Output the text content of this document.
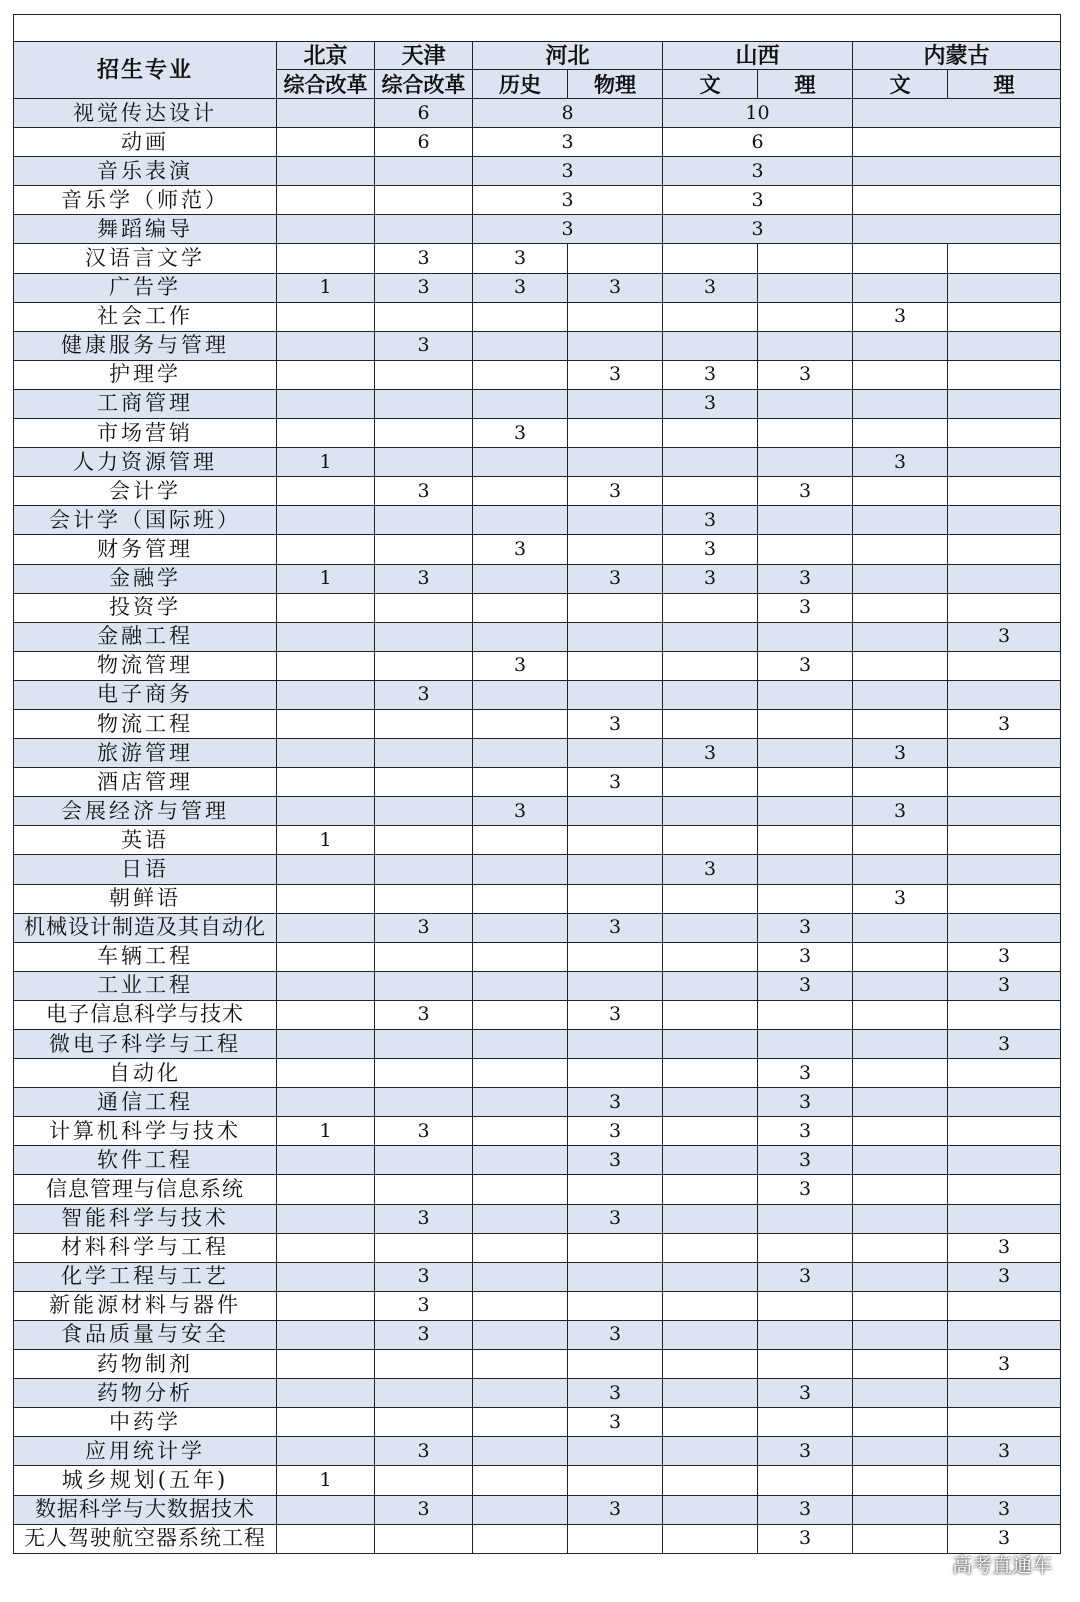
招生专业	北京	天津	河北		山西		内蒙古	
	综合改革	综合改革	历史	物理	文	理	文	理
视觉传达设计		6	8		10			
动画		6	3		6			
音乐表演			3		3			
音乐学（师范）			3		3			
舞蹈编导			3		3			
汉语言文学		3	3					
广告学	1	3	3	3	3			
社会工作							3	
健康服务与管理		3						
护理学				3	3	3		
工商管理					3			
市场营销			3					
人力资源管理	1						3	
会计学		3		3		3		
会计学（国际班）					3			
财务管理			3		3			
金融学	1	3		3	3	3		
投资学						3		
金融工程								3
物流管理			3			3		
电子商务		3						
物流工程				3				3
旅游管理					3		3	
酒店管理				3				
会展经济与管理			3				3	
英语	1							
日语					3			
朝鲜语							3	
机械设计制造及其自动化		3		3		3		
车辆工程						3		3
工业工程						3		3
电子信息科学与技术		3		3				
微电子科学与工程								3
自动化						3		
通信工程				3		3		
计算机科学与技术	1	3		3		3		
软件工程				3		3		
信息管理与信息系统						3		
智能科学与技术		3		3				
材料科学与工程								3
化学工程与工艺		3				3		3
新能源材料与器件		3						
食品质量与安全		3		3				
药物制剂								3
药物分析				3		3		
中药学				3				
应用统计学		3				3		3
城乡规划(五年)	1							
数据科学与大数据技术		3		3		3		3
无人驾驶航空器系统工程						3		3
高考直通车
